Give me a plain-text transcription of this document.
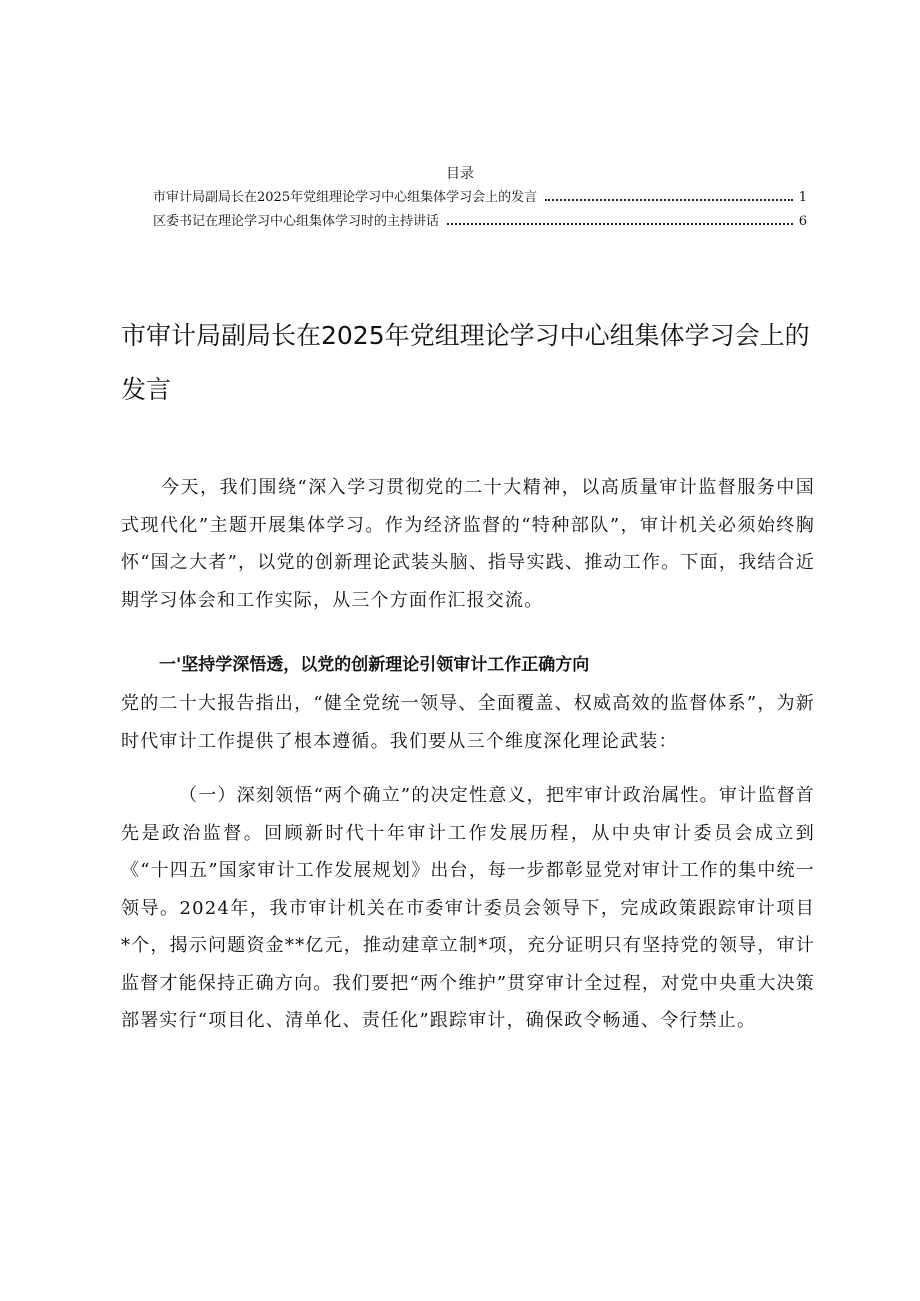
目录
市审计局副局长在2025年党组理论学习中心组集体学习会上的发言	1
区委书记在理论学习中心组集体学习时的主持讲话	6
市审计局副局长在2025年党组理论学习中心组集体学习会上的发言

今天，我们围绕“深入学习贯彻党的二十大精神，以高质量审计监督服务中国式现代化”主题开展集体学习。作为经济监督的“特种部队”，审计机关必须始终胸怀“国之大者”，以党的创新理论武装头脑、指导实践、推动工作。下面，我结合近期学习体会和工作实际，从三个方面作汇报交流。

一'坚持学深悟透，以党的创新理论引领审计工作正确方向

党的二十大报告指出，“健全党统一领导、全面覆盖、权威高效的监督体系”，为新时代审计工作提供了根本遵循。我们要从三个维度深化理论武装：

（一）深刻领悟“两个确立”的决定性意义，把牢审计政治属性。审计监督首先是政治监督。回顾新时代十年审计工作发展历程，从中央审计委员会成立到《“十四五”国家审计工作发展规划》出台，每一步都彰显党对审计工作的集中统一领导。2024年，我市审计机关在市委审计委员会领导下，完成政策跟踪审计项目*个，揭示问题资金**亿元，推动建章立制*项，充分证明只有坚持党的领导，审计监督才能保持正确方向。我们要把“两个维护”贯穿审计全过程，对党中央重大决策部署实行“项目化、清单化、责任化”跟踪审计，确保政令畅通、令行禁止。
